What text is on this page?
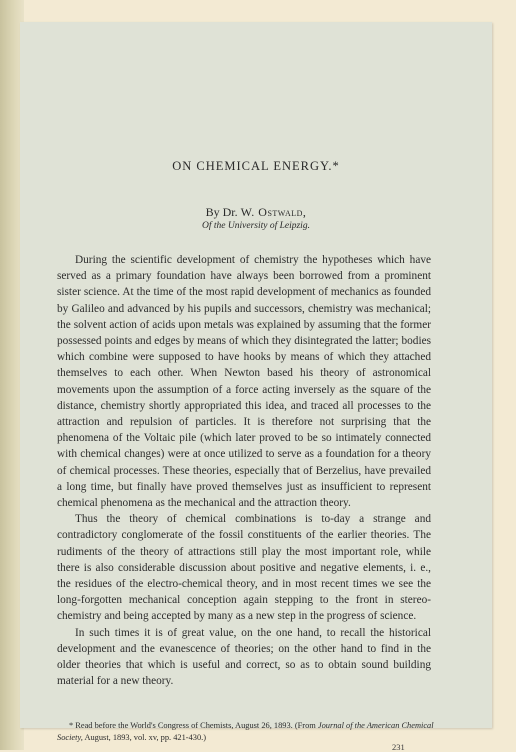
ON CHEMICAL ENERGY.*
By Dr. W. Ostwald,
Of the University of Leipzig.

During the scientific development of chemistry the hypotheses which have served as a primary foundation have always been borrowed from a prominent sister science. At the time of the most rapid development of mechanics as founded by Galileo and advanced by his pupils and successors, chemistry was mechanical; the solvent action of acids upon metals was explained by assuming that the former possessed points and edges by means of which they disintegrated the latter; bodies which combine were supposed to have hooks by means of which they attached themselves to each other. When Newton based his theory of astronomical movements upon the assumption of a force acting inversely as the square of the distance, chemistry shortly appropriated this idea, and traced all processes to the attraction and repulsion of particles. It is therefore not surprising that the phenomena of the Voltaic pile (which later proved to be so intimately connected with chemical changes) were at once utilized to serve as a foundation for a theory of chemical processes. These theories, especially that of Berzelius, have prevailed a long time, but finally have proved themselves just as insufficient to represent chemical phenomena as the mechanical and the attraction theory.

Thus the theory of chemical combinations is to-day a strange and contradictory conglomerate of the fossil constituents of the earlier theories. The rudiments of the theory of attractions still play the most important role, while there is also considerable discussion about positive and negative elements, i. e., the residues of the electro-chemical theory, and in most recent times we see the long-forgotten mechanical conception again stepping to the front in stereo-chemistry and being accepted by many as a new step in the progress of science.

In such times it is of great value, on the one hand, to recall the historical development and the evanescence of theories; on the other hand to find in the older theories that which is useful and correct, so as to obtain sound building material for a new theory.

* Read before the World's Congress of Chemists, August 26, 1893. (From Journal of the American Chemical Society, August, 1893, vol. xv, pp. 421-430.)

231
